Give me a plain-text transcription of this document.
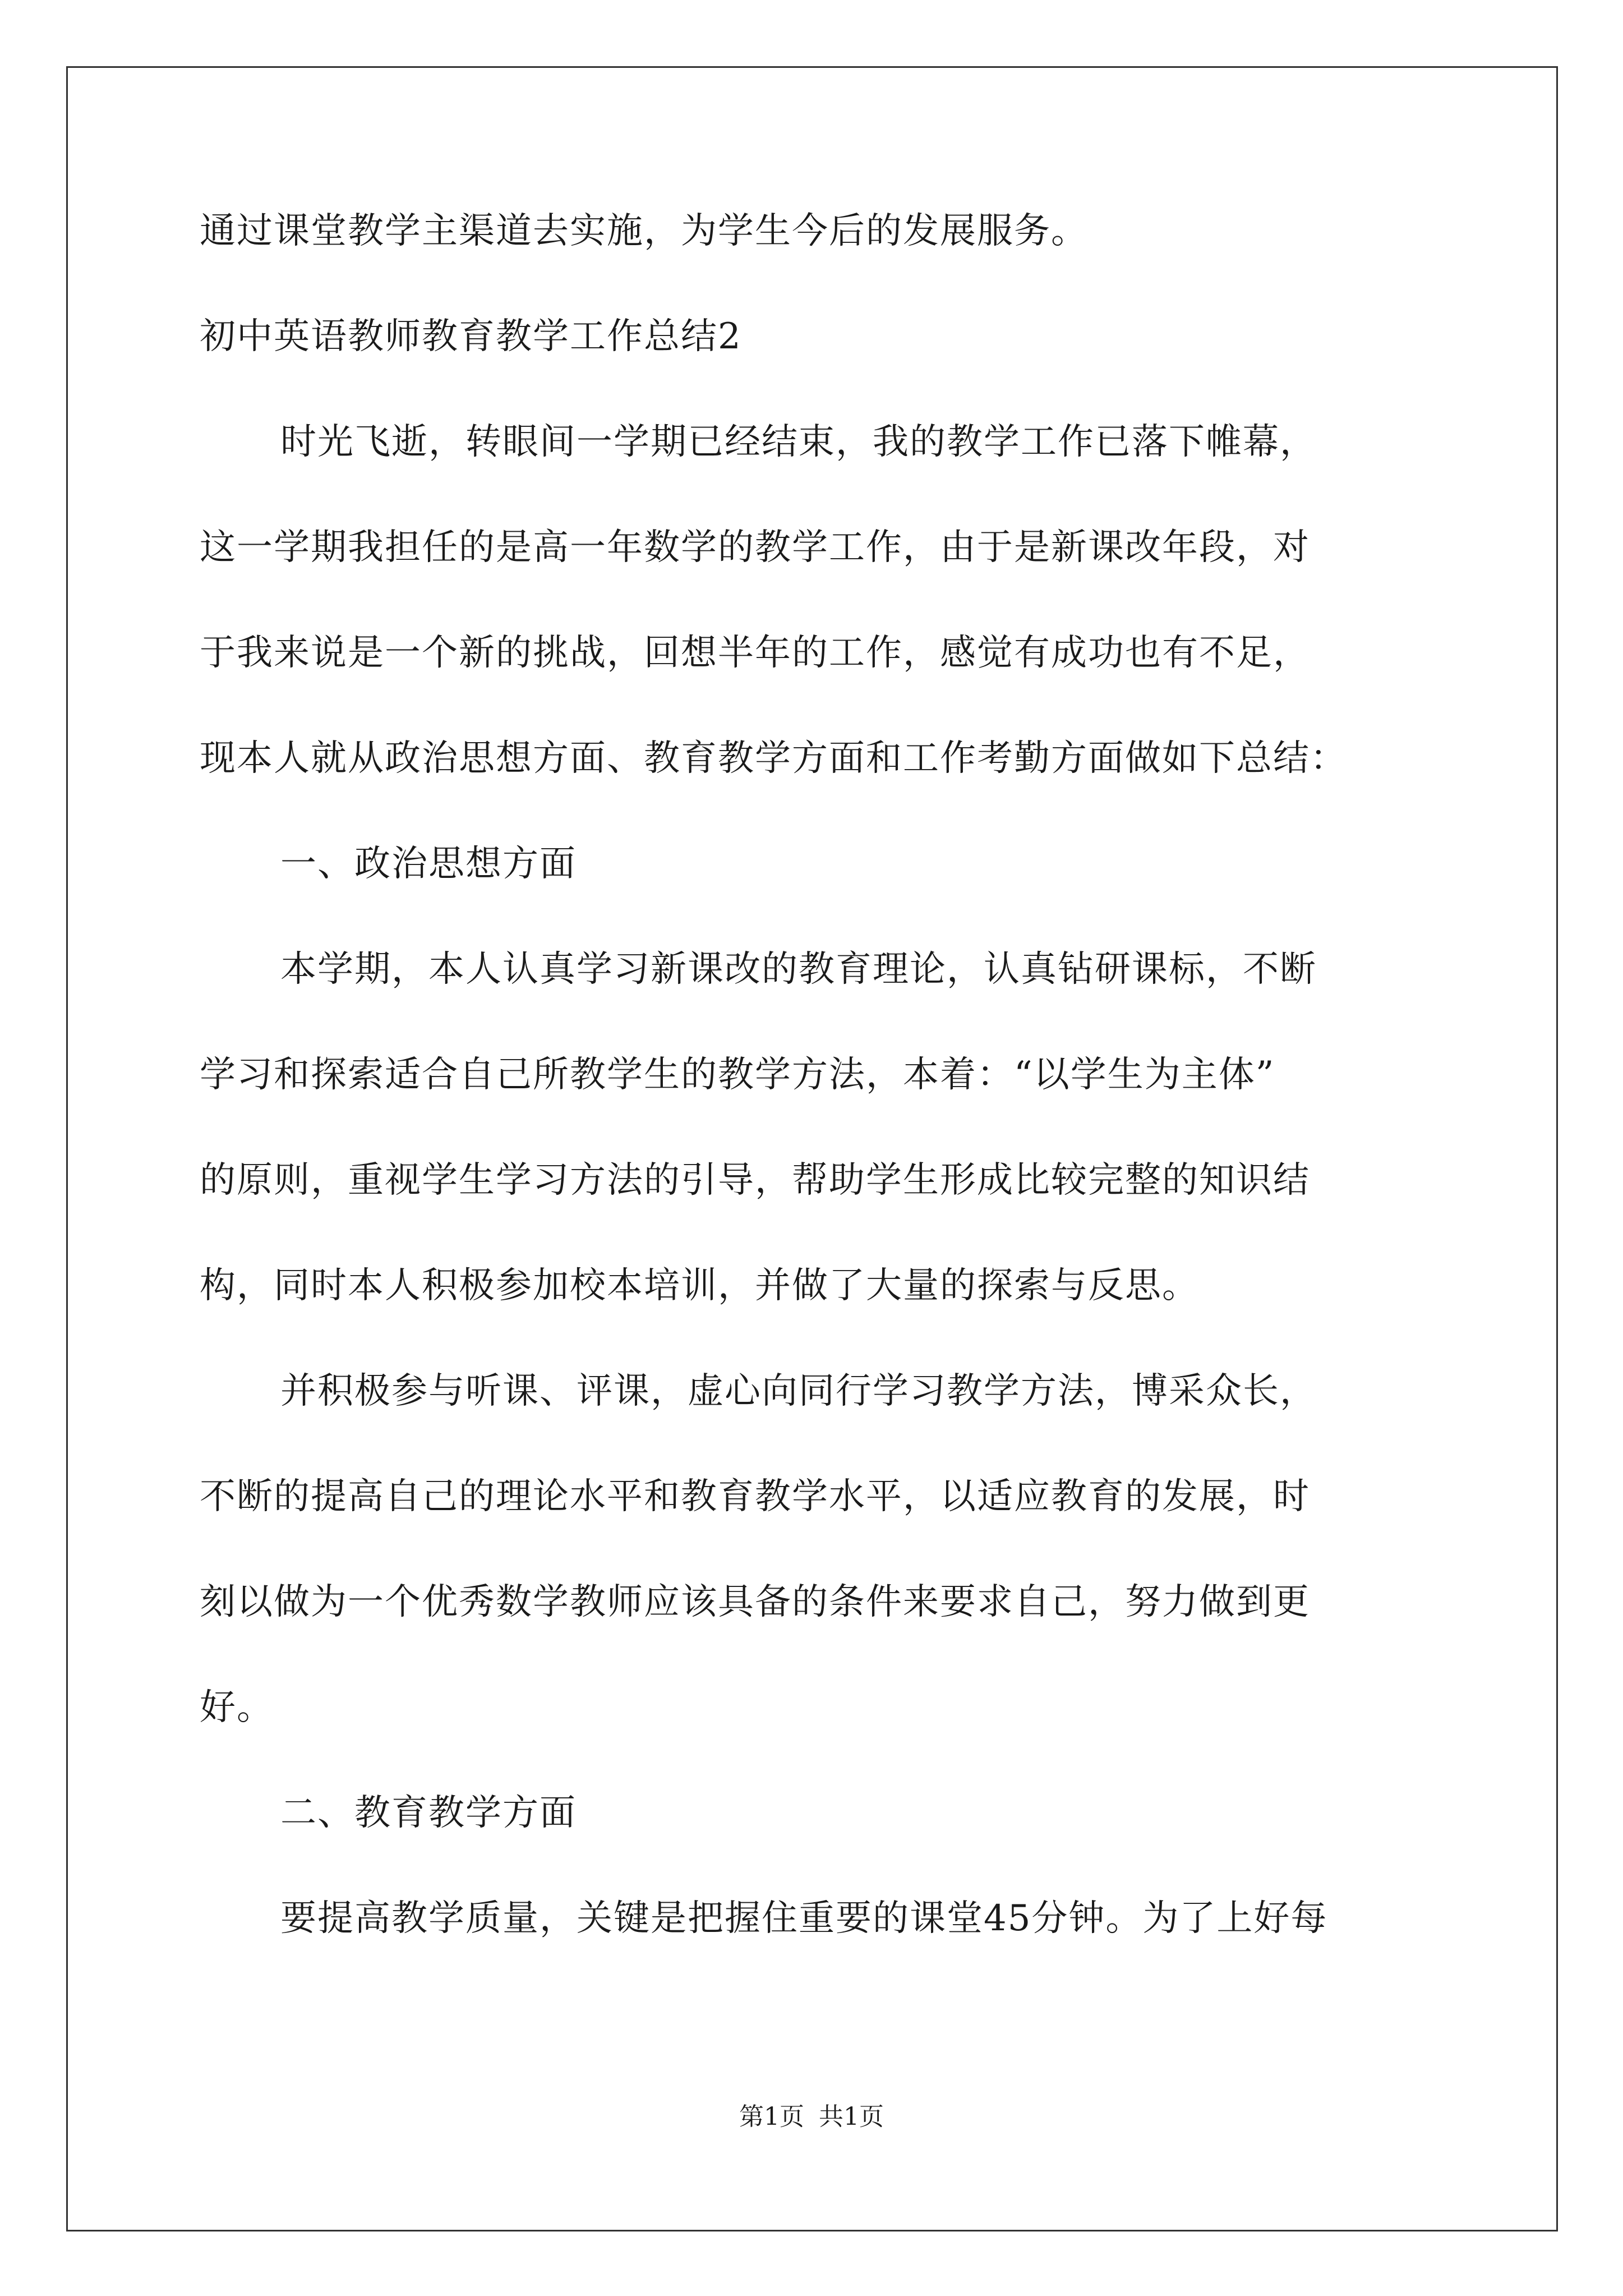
通过课堂教学主渠道去实施，为学生今后的发展服务。
初中英语教师教育教学工作总结2
时光飞逝，转眼间一学期已经结束，我的教学工作已落下帷幕，
这一学期我担任的是高一年数学的教学工作，由于是新课改年段，对
于我来说是一个新的挑战，回想半年的工作，感觉有成功也有不足，
现本人就从政治思想方面、教育教学方面和工作考勤方面做如下总结：
一、政治思想方面
本学期，本人认真学习新课改的教育理论，认真钻研课标，不断
学习和探索适合自己所教学生的教学方法，本着：“以学生为主体”
的原则，重视学生学习方法的引导，帮助学生形成比较完整的知识结
构，同时本人积极参加校本培训，并做了大量的探索与反思。
并积极参与听课、评课，虚心向同行学习教学方法，博采众长，
不断的提高自己的理论水平和教育教学水平，以适应教育的发展，时
刻以做为一个优秀数学教师应该具备的条件来要求自己，努力做到更
好。
二、教育教学方面
要提高教学质量，关键是把握住重要的课堂45分钟。为了上好每
第1页 共1页
